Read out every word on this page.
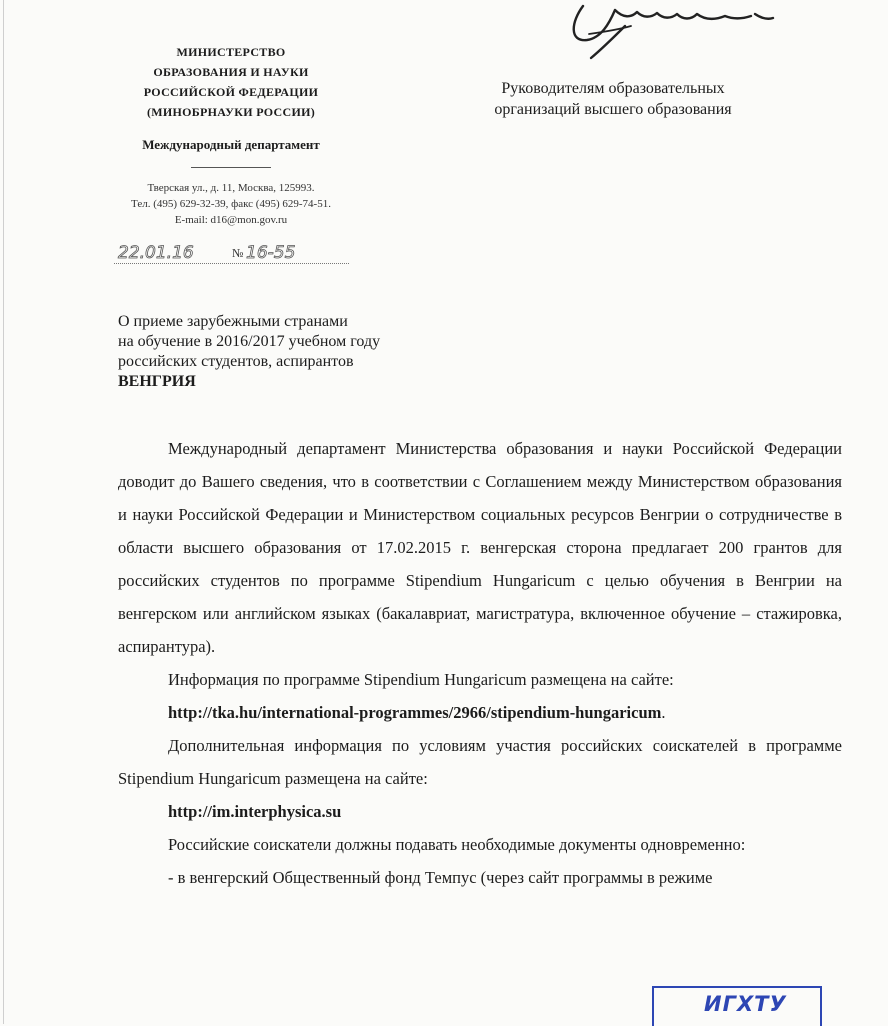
МИНИСТЕРСТВО
ОБРАЗОВАНИЯ И НАУКИ
РОССИЙСКОЙ ФЕДЕРАЦИИ
(МИНОБРНАУКИ РОССИИ)
Международный департамент
Тверская ул., д. 11, Москва, 125993.
Тел. (495) 629-32-39, факс (495) 629-74-51.
E-mail: d16@mon.gov.ru
22.01.16	№ 16-55
Руководителям образовательных
организаций высшего образования
О приеме зарубежными странами
на обучение в 2016/2017 учебном году
российских студентов, аспирантов
ВЕНГРИЯ

Международный департамент Министерства образования и науки Российской Федерации доводит до Вашего сведения, что в соответствии с Соглашением между Министерством образования и науки Российской Федерации и Министерством социальных ресурсов Венгрии о сотрудничестве в области высшего образования от 17.02.2015 г. венгерская сторона предлагает 200 грантов для российских студентов по программе Stipendium Hungaricum с целью обучения в Венгрии на венгерском или английском языках (бакалавриат, магистратура, включенное обучение – стажировка, аспирантура).

Информация по программе Stipendium Hungaricum размещена на сайте:

http://tka.hu/international-programmes/2966/stipendium-hungaricum.

Дополнительная информация по условиям участия российских соискателей в программе Stipendium Hungaricum размещена на сайте:

http://im.interphysica.su

Российские соискатели должны подавать необходимые документы одновременно:

- в венгерский Общественный фонд Темпус (через сайт программы в режиме

ИГХТУ
